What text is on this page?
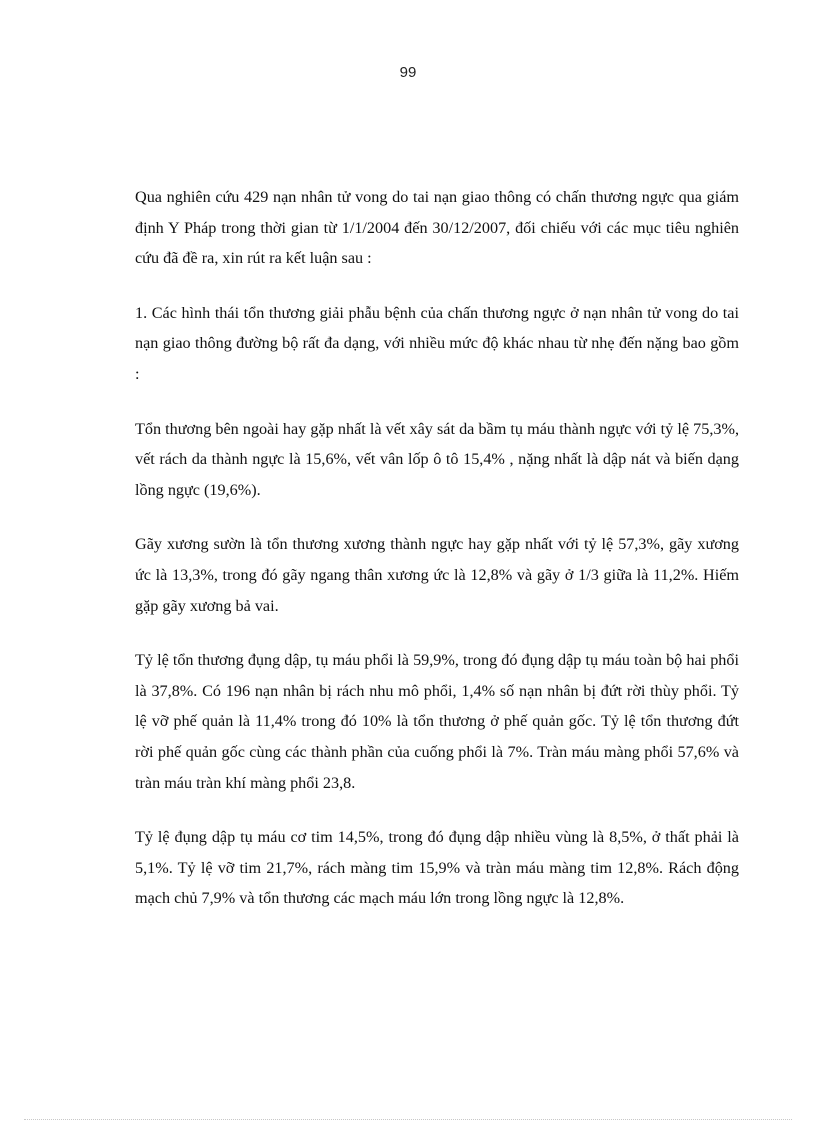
99

Qua nghiên cứu 429 nạn nhân tử vong do tai nạn giao thông có chấn thương ngực qua giám định Y Pháp trong thời gian từ 1/1/2004 đến 30/12/2007, đối chiếu với các mục tiêu nghiên cứu đã đề ra, xin rút ra kết luận sau :

1. Các hình thái tổn thương giải phẫu bệnh của chấn thương ngực ở nạn nhân tử vong do tai nạn giao thông đường bộ rất đa dạng, với nhiều mức độ khác nhau từ nhẹ đến nặng bao gồm :

Tổn thương bên ngoài hay gặp nhất là vết xây sát da bầm tụ máu thành ngực với tỷ lệ 75,3%, vết rách da thành ngực là 15,6%, vết vân lốp ô tô 15,4% , nặng nhất là dập nát và biến dạng lồng ngực (19,6%).

Gãy xương sườn là tổn thương xương thành ngực hay gặp nhất với tỷ lệ 57,3%, gãy xương ức là 13,3%, trong đó gãy ngang thân xương ức là 12,8% và gãy ở 1/3 giữa là 11,2%. Hiếm gặp gãy xương bả vai.

Tỷ lệ tổn thương đụng dập, tụ máu phổi là 59,9%, trong đó đụng dập tụ máu toàn bộ hai phổi là 37,8%. Có 196 nạn nhân bị rách nhu mô phổi, 1,4% số nạn nhân bị đứt rời thùy phổi. Tỷ lệ vỡ phế quản là 11,4% trong đó 10% là tổn thương ở phế quản gốc. Tỷ lệ tổn thương đứt rời phế quản gốc cùng các thành phần của cuống phổi là 7%. Tràn máu màng phổi 57,6% và tràn máu tràn khí màng phổi 23,8.

Tỷ lệ đụng dập tụ máu cơ tim 14,5%, trong đó đụng dập nhiều vùng là 8,5%, ở thất phải là 5,1%. Tỷ lệ vỡ tim 21,7%, rách màng tim 15,9% và tràn máu màng tim 12,8%. Rách động mạch chủ 7,9% và tổn thương các mạch máu lớn trong lồng ngực là 12,8%.
